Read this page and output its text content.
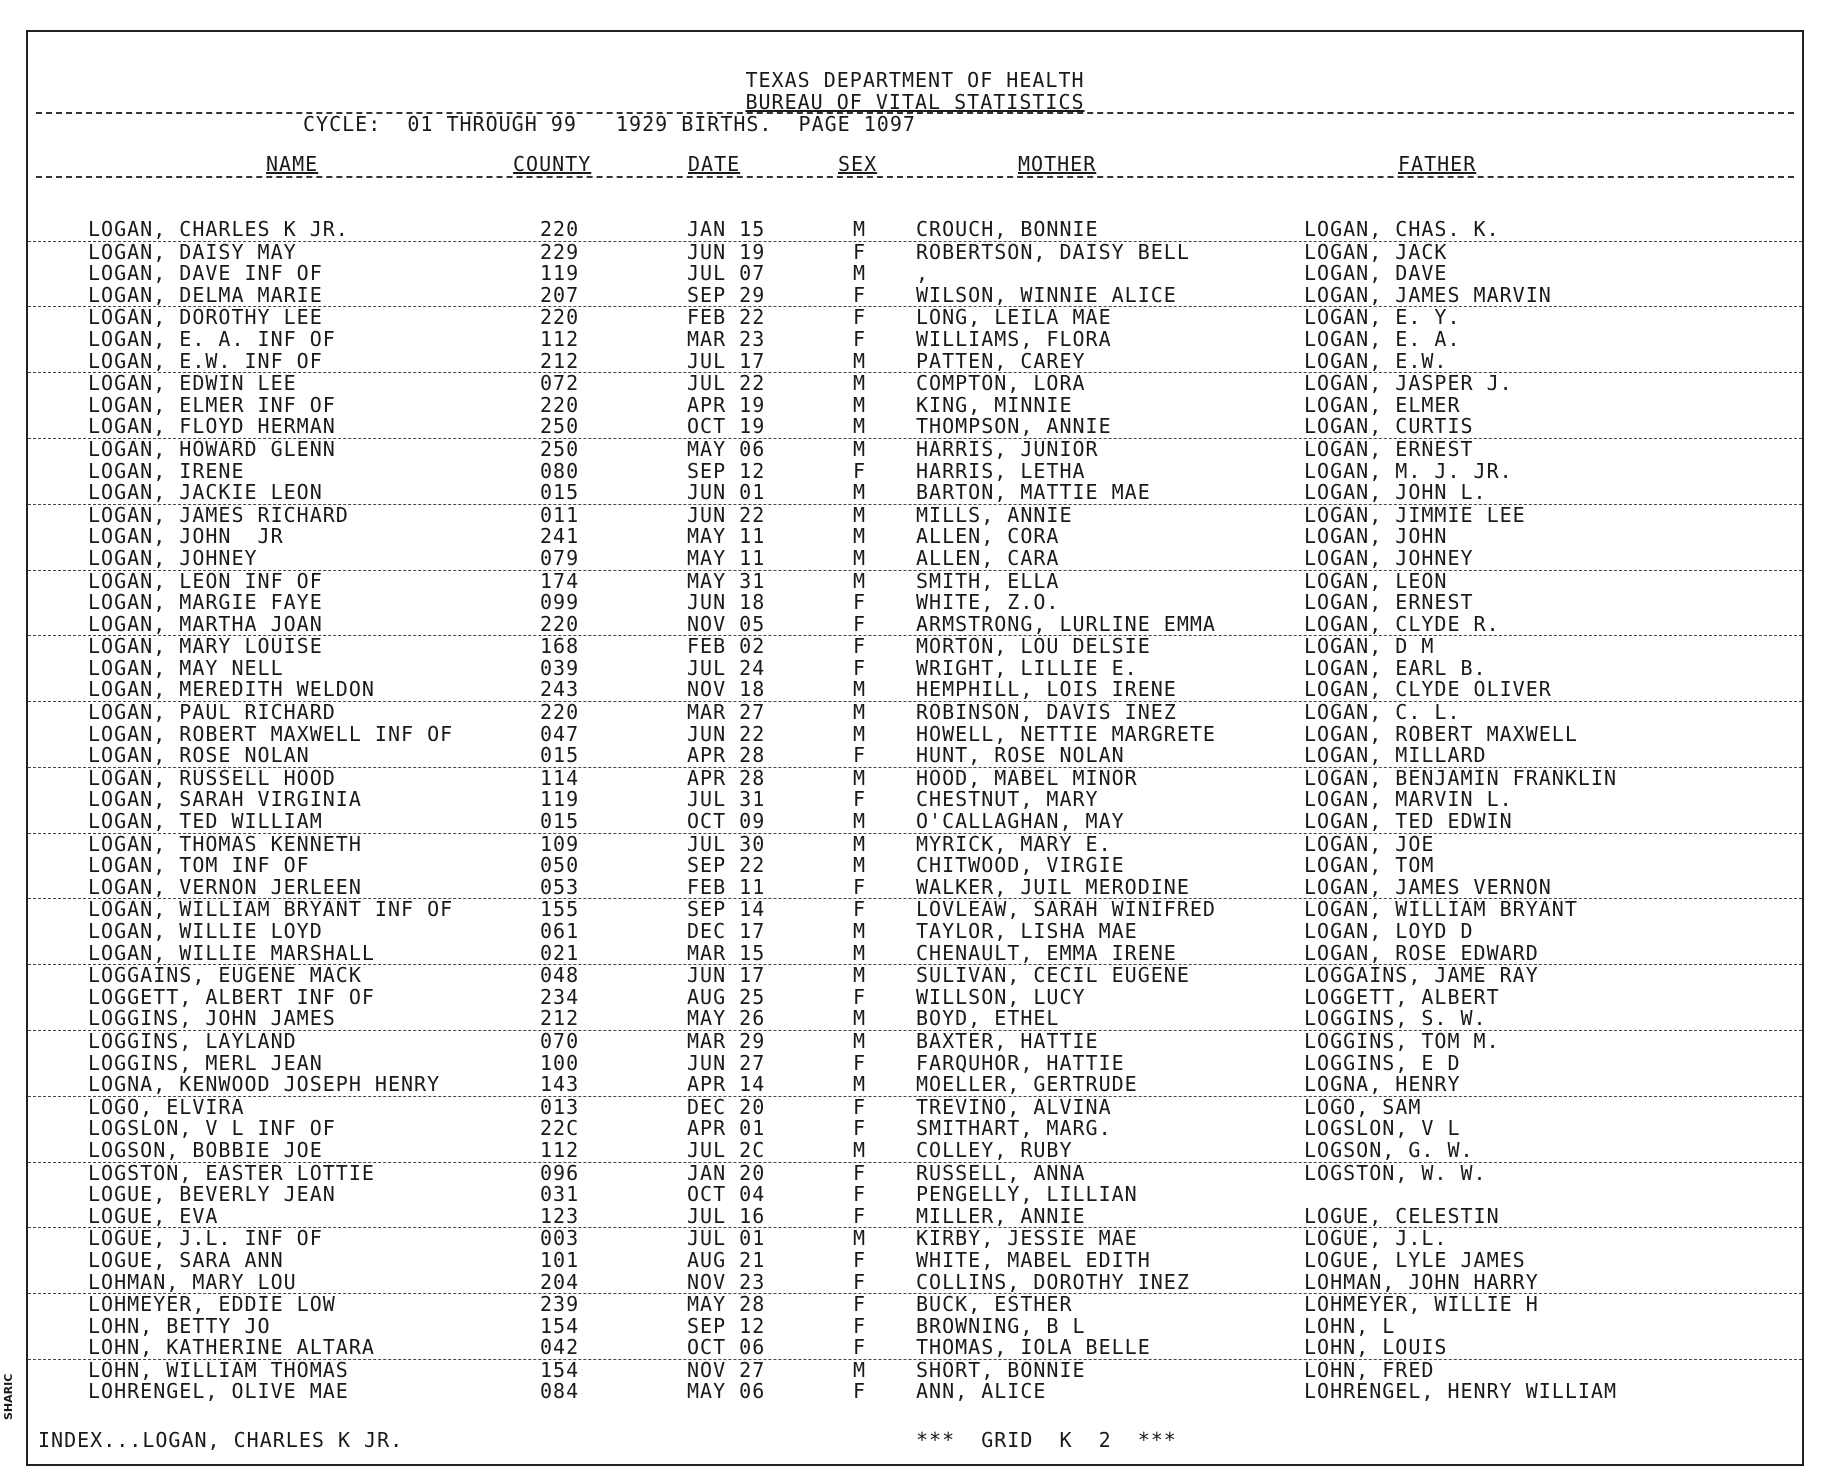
SHARIC
TEXAS DEPARTMENT OF HEALTH
BUREAU OF VITAL STATISTICS
CYCLE:  01 THROUGH 99   1929 BIRTHS.  PAGE 1097
NAME	COUNTY	DATE	SEX	MOTHER	FATHER
LOGAN, CHARLES K JR.	220	JAN 15	M CROUCH, BONNIE	LOGAN, CHAS. K.
LOGAN, DAISY MAY	229	JUN 19	F ROBERTSON, DAISY BELL	LOGAN, JACK
LOGAN, DAVE INF OF	119	JUL 07	M ,	LOGAN, DAVE
LOGAN, DELMA MARIE	207	SEP 29	F WILSON, WINNIE ALICE	LOGAN, JAMES MARVIN
LOGAN, DOROTHY LEE	220	FEB 22	F LONG, LEILA MAE	LOGAN, E. Y.
LOGAN, E. A. INF OF	112	MAR 23	F WILLIAMS, FLORA	LOGAN, E. A.
LOGAN, E.W. INF OF	212	JUL 17	M PATTEN, CAREY	LOGAN, E.W.
LOGAN, EDWIN LEE	072	JUL 22	M COMPTON, LORA	LOGAN, JASPER J.
LOGAN, ELMER INF OF	220	APR 19	M KING, MINNIE	LOGAN, ELMER
LOGAN, FLOYD HERMAN	250	OCT 19	M THOMPSON, ANNIE	LOGAN, CURTIS
LOGAN, HOWARD GLENN	250	MAY 06	M HARRIS, JUNIOR	LOGAN, ERNEST
LOGAN, IRENE	080	SEP 12	F HARRIS, LETHA	LOGAN, M. J. JR.
LOGAN, JACKIE LEON	015	JUN 01	M BARTON, MATTIE MAE	LOGAN, JOHN L.
LOGAN, JAMES RICHARD	011	JUN 22	M MILLS, ANNIE	LOGAN, JIMMIE LEE
LOGAN, JOHN  JR	241	MAY 11	M ALLEN, CORA	LOGAN, JOHN
LOGAN, JOHNEY	079	MAY 11	M ALLEN, CARA	LOGAN, JOHNEY
LOGAN, LEON INF OF	174	MAY 31	M SMITH, ELLA	LOGAN, LEON
LOGAN, MARGIE FAYE	099	JUN 18	F WHITE, Z.O.	LOGAN, ERNEST
LOGAN, MARTHA JOAN	220	NOV 05	F ARMSTRONG, LURLINE EMMA	LOGAN, CLYDE R.
LOGAN, MARY LOUISE	168	FEB 02	F MORTON, LOU DELSIE	LOGAN, D M
LOGAN, MAY NELL	039	JUL 24	F WRIGHT, LILLIE E.	LOGAN, EARL B.
LOGAN, MEREDITH WELDON	243	NOV 18	M HEMPHILL, LOIS IRENE	LOGAN, CLYDE OLIVER
LOGAN, PAUL RICHARD	220	MAR 27	M ROBINSON, DAVIS INEZ	LOGAN, C. L.
LOGAN, ROBERT MAXWELL INF OF	047	JUN 22	M HOWELL, NETTIE MARGRETE	LOGAN, ROBERT MAXWELL
LOGAN, ROSE NOLAN	015	APR 28	F HUNT, ROSE NOLAN	LOGAN, MILLARD
LOGAN, RUSSELL HOOD	114	APR 28	M HOOD, MABEL MINOR	LOGAN, BENJAMIN FRANKLIN
LOGAN, SARAH VIRGINIA	119	JUL 31	F CHESTNUT, MARY	LOGAN, MARVIN L.
LOGAN, TED WILLIAM	015	OCT 09	M O'CALLAGHAN, MAY	LOGAN, TED EDWIN
LOGAN, THOMAS KENNETH	109	JUL 30	M MYRICK, MARY E.	LOGAN, JOE
LOGAN, TOM INF OF	050	SEP 22	M CHITWOOD, VIRGIE	LOGAN, TOM
LOGAN, VERNON JERLEEN	053	FEB 11	F WALKER, JUIL MERODINE	LOGAN, JAMES VERNON
LOGAN, WILLIAM BRYANT INF OF	155	SEP 14	F LOVLEAW, SARAH WINIFRED	LOGAN, WILLIAM BRYANT
LOGAN, WILLIE LOYD	061	DEC 17	M TAYLOR, LISHA MAE	LOGAN, LOYD D
LOGAN, WILLIE MARSHALL	021	MAR 15	M CHENAULT, EMMA IRENE	LOGAN, ROSE EDWARD
LOGGAINS, EUGENE MACK	048	JUN 17	M SULIVAN, CECIL EUGENE	LOGGAINS, JAME RAY
LOGGETT, ALBERT INF OF	234	AUG 25	F WILLSON, LUCY	LOGGETT, ALBERT
LOGGINS, JOHN JAMES	212	MAY 26	M BOYD, ETHEL	LOGGINS, S. W.
LOGGINS, LAYLAND	070	MAR 29	M BAXTER, HATTIE	LOGGINS, TOM M.
LOGGINS, MERL JEAN	100	JUN 27	F FARQUHOR, HATTIE	LOGGINS, E D
LOGNA, KENWOOD JOSEPH HENRY	143	APR 14	M MOELLER, GERTRUDE	LOGNA, HENRY
LOGO, ELVIRA	013	DEC 20	F TREVINO, ALVINA	LOGO, SAM
LOGSLON, V L INF OF	22C	APR 01	F SMITHART, MARG.	LOGSLON, V L
LOGSON, BOBBIE JOE	112	JUL 2C	M COLLEY, RUBY	LOGSON, G. W.
LOGSTON, EASTER LOTTIE	096	JAN 20	F RUSSELL, ANNA	LOGSTON, W. W.
LOGUE, BEVERLY JEAN	031	OCT 04	F PENGELLY, LILLIAN
LOGUE, EVA	123	JUL 16	F MILLER, ANNIE	LOGUE, CELESTIN
LOGUE, J.L. INF OF	003	JUL 01	M KIRBY, JESSIE MAE	LOGUE, J.L.
LOGUE, SARA ANN	101	AUG 21	F WHITE, MABEL EDITH	LOGUE, LYLE JAMES
LOHMAN, MARY LOU	204	NOV 23	F COLLINS, DOROTHY INEZ	LOHMAN, JOHN HARRY
LOHMEYER, EDDIE LOW	239	MAY 28	F BUCK, ESTHER	LOHMEYER, WILLIE H
LOHN, BETTY JO	154	SEP 12	F BROWNING, B L	LOHN, L
LOHN, KATHERINE ALTARA	042	OCT 06	F THOMAS, IOLA BELLE	LOHN, LOUIS
LOHN, WILLIAM THOMAS	154	NOV 27	M SHORT, BONNIE	LOHN, FRED
LOHRENGEL, OLIVE MAE	084	MAY 06	F ANN, ALICE	LOHRENGEL, HENRY WILLIAM
INDEX...LOGAN, CHARLES K JR.	***  GRID  K  2  ***
